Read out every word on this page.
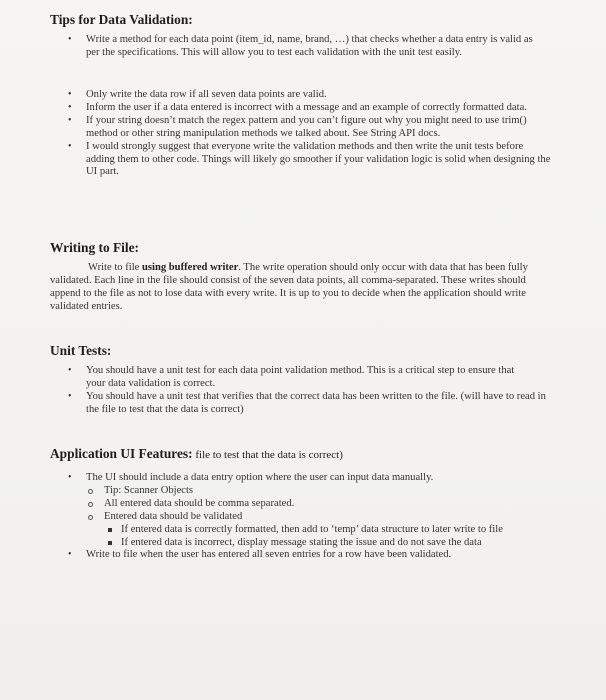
Tips for Data Validation:
• Write a method for each data point (item_id, name, brand, …) that checks whether a data entry is valid as per the specifications. This will allow you to test each validation with the unit test easily.
• Only write the data row if all seven data points are valid.
• Inform the user if a data entered is incorrect with a message and an example of correctly formatted data.
• If your string doesn’t match the regex pattern and you can’t figure out why you might need to use trim() method or other string manipulation methods we talked about. See String API docs.
• I would strongly suggest that everyone write the validation methods and then write the unit tests before adding them to other code. Things will likely go smoother if your validation logic is solid when designing the UI part.
Writing to File:
Write to file using buffered writer. The write operation should only occur with data that has been fully validated. Each line in the file should consist of the seven data points, all comma-separated. These writes should append to the file as not to lose data with every write. It is up to you to decide when the application should write validated entries.
Unit Tests:
• You should have a unit test for each data point validation method. This is a critical step to ensure that your data validation is correct.
• You should have a unit test that verifies that the correct data has been written to the file. (will have to read in the file to test that the data is correct)
Application UI Features: file to test that the data is correct)
• The UI should include a data entry option where the user can input data manually.
Tip: Scanner Objects
All entered data should be comma separated.
Entered data should be validated
If entered data is correctly formatted, then add to ‘temp’ data structure to later write to file
If entered data is incorrect, display message stating the issue and do not save the data
• Write to file when the user has entered all seven entries for a row have been validated.
